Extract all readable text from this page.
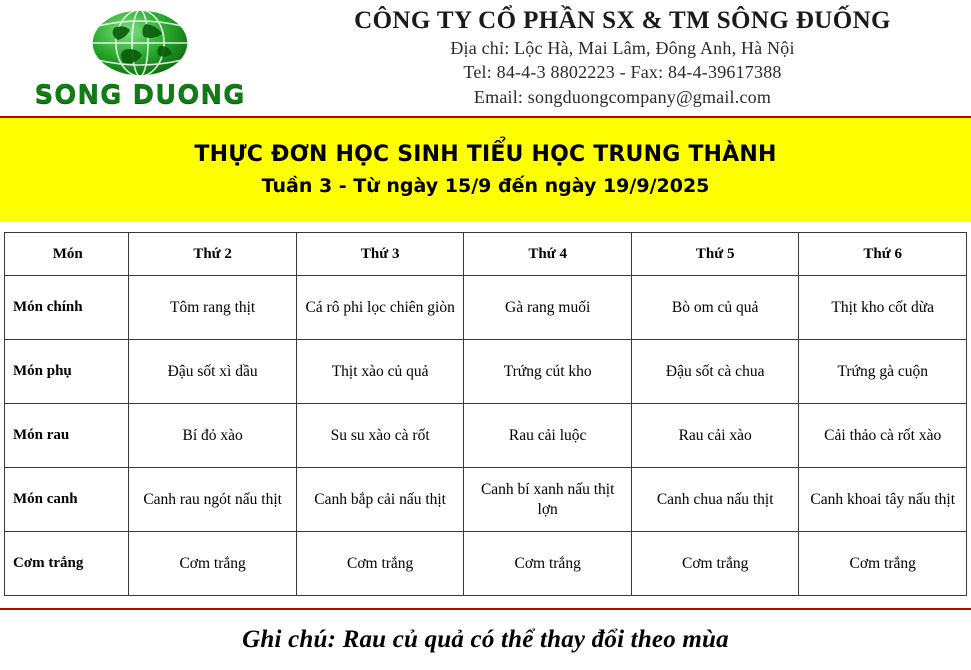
SONG DUONG
CÔNG TY CỔ PHẦN SX & TM SÔNG ĐUỐNG
Địa chỉ: Lộc Hà, Mai Lâm, Đông Anh, Hà Nội
Tel: 84-4-3 8802223 - Fax: 84-4-39617388
Email: songduongcompany@gmail.com
THỰC ĐƠN HỌC SINH TIỂU HỌC TRUNG THÀNH
Tuần 3 - Từ ngày 15/9 đến ngày 19/9/2025
Món	Thứ 2	Thứ 3	Thứ 4	Thứ 5	Thứ 6
Món chính	Tôm rang thịt	Cá rô phi lọc chiên giòn	Gà rang muối	Bò om củ quả	Thịt kho cốt dừa
Món phụ	Đậu sốt xì dầu	Thịt xào củ quả	Trứng cút kho	Đậu sốt cà chua	Trứng gà cuộn
Món rau	Bí đỏ xào	Su su xào cà rốt	Rau cải luộc	Rau cải xào	Cải thảo cà rốt xào
Món canh	Canh rau ngót nấu thịt	Canh bắp cải nấu thịt	Canh bí xanh nấu thịt lợn	Canh chua nấu thịt	Canh khoai tây nấu thịt
Cơm trắng	Cơm trắng	Cơm trắng	Cơm trắng	Cơm trắng	Cơm trắng
Ghi chú: Rau củ quả có thể thay đổi theo mùa
